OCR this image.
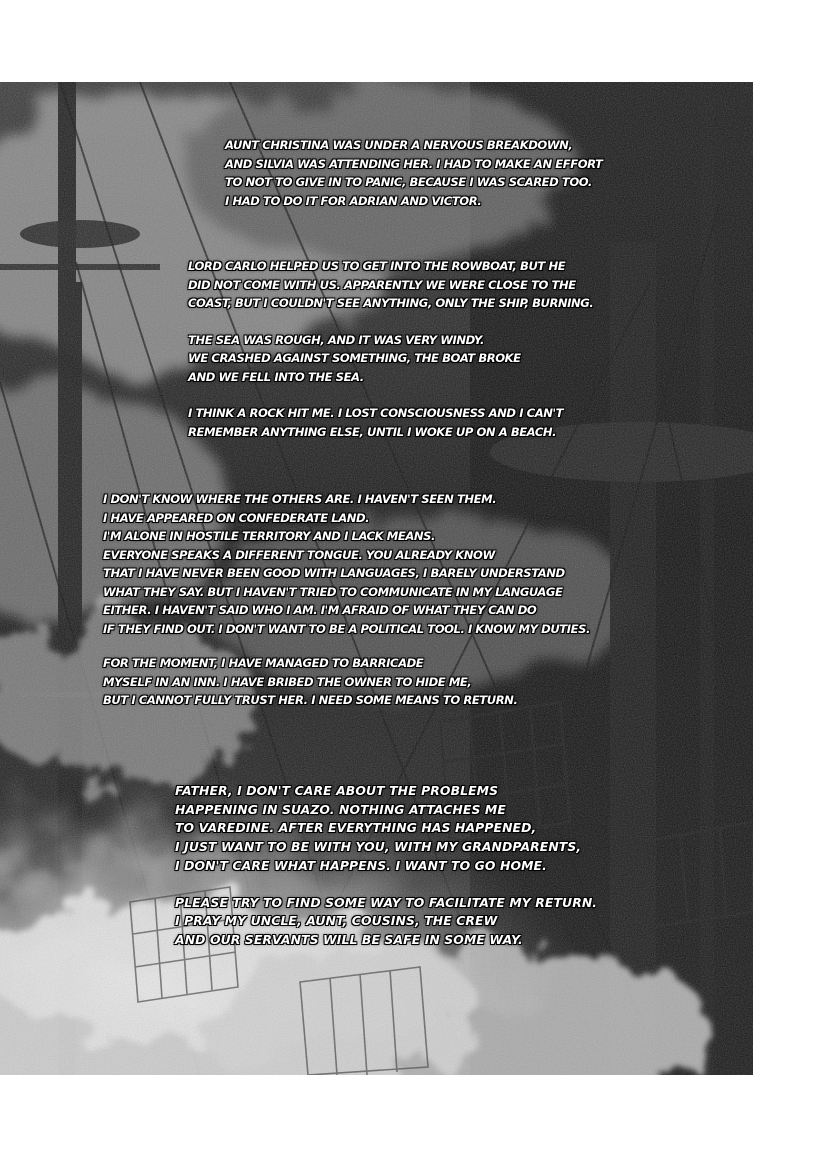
AUNT CHRISTINA WAS UNDER A NERVOUS BREAKDOWN,
AND SILVIA WAS ATTENDING HER. I HAD TO MAKE AN EFFORT
TO NOT TO GIVE IN TO PANIC, BECAUSE I WAS SCARED TOO.
I HAD TO DO IT FOR ADRIAN AND VICTOR.

LORD CARLO HELPED US TO GET INTO THE ROWBOAT, BUT HE
DID NOT COME WITH US. APPARENTLY WE WERE CLOSE TO THE
COAST, BUT I COULDN'T SEE ANYTHING, ONLY THE SHIP, BURNING.

THE SEA WAS ROUGH, AND IT WAS VERY WINDY.
WE CRASHED AGAINST SOMETHING, THE BOAT BROKE
AND WE FELL INTO THE SEA.

I THINK A ROCK HIT ME. I LOST CONSCIOUSNESS AND I CAN'T
REMEMBER ANYTHING ELSE, UNTIL I WOKE UP ON A BEACH.

I DON'T KNOW WHERE THE OTHERS ARE. I HAVEN'T SEEN THEM.
I HAVE APPEARED ON CONFEDERATE LAND.
I'M ALONE IN HOSTILE TERRITORY AND I LACK MEANS.
EVERYONE SPEAKS A DIFFERENT TONGUE. YOU ALREADY KNOW
THAT I HAVE NEVER BEEN GOOD WITH LANGUAGES, I BARELY UNDERSTAND
WHAT THEY SAY. BUT I HAVEN'T TRIED TO COMMUNICATE IN MY LANGUAGE
EITHER. I HAVEN'T SAID WHO I AM. I'M AFRAID OF WHAT THEY CAN DO
IF THEY FIND OUT. I DON'T WANT TO BE A POLITICAL TOOL. I KNOW MY DUTIES.

FOR THE MOMENT, I HAVE MANAGED TO BARRICADE
MYSELF IN AN INN. I HAVE BRIBED THE OWNER TO HIDE ME,
BUT I CANNOT FULLY TRUST HER. I NEED SOME MEANS TO RETURN.

FATHER, I DON'T CARE ABOUT THE PROBLEMS
HAPPENING IN SUAZO. NOTHING ATTACHES ME
TO VAREDINE. AFTER EVERYTHING HAS HAPPENED,
I JUST WANT TO BE WITH YOU, WITH MY GRANDPARENTS,
I DON'T CARE WHAT HAPPENS. I WANT TO GO HOME.

PLEASE TRY TO FIND SOME WAY TO FACILITATE MY RETURN.
I PRAY MY UNCLE, AUNT, COUSINS, THE CREW
AND OUR SERVANTS WILL BE SAFE IN SOME WAY.
